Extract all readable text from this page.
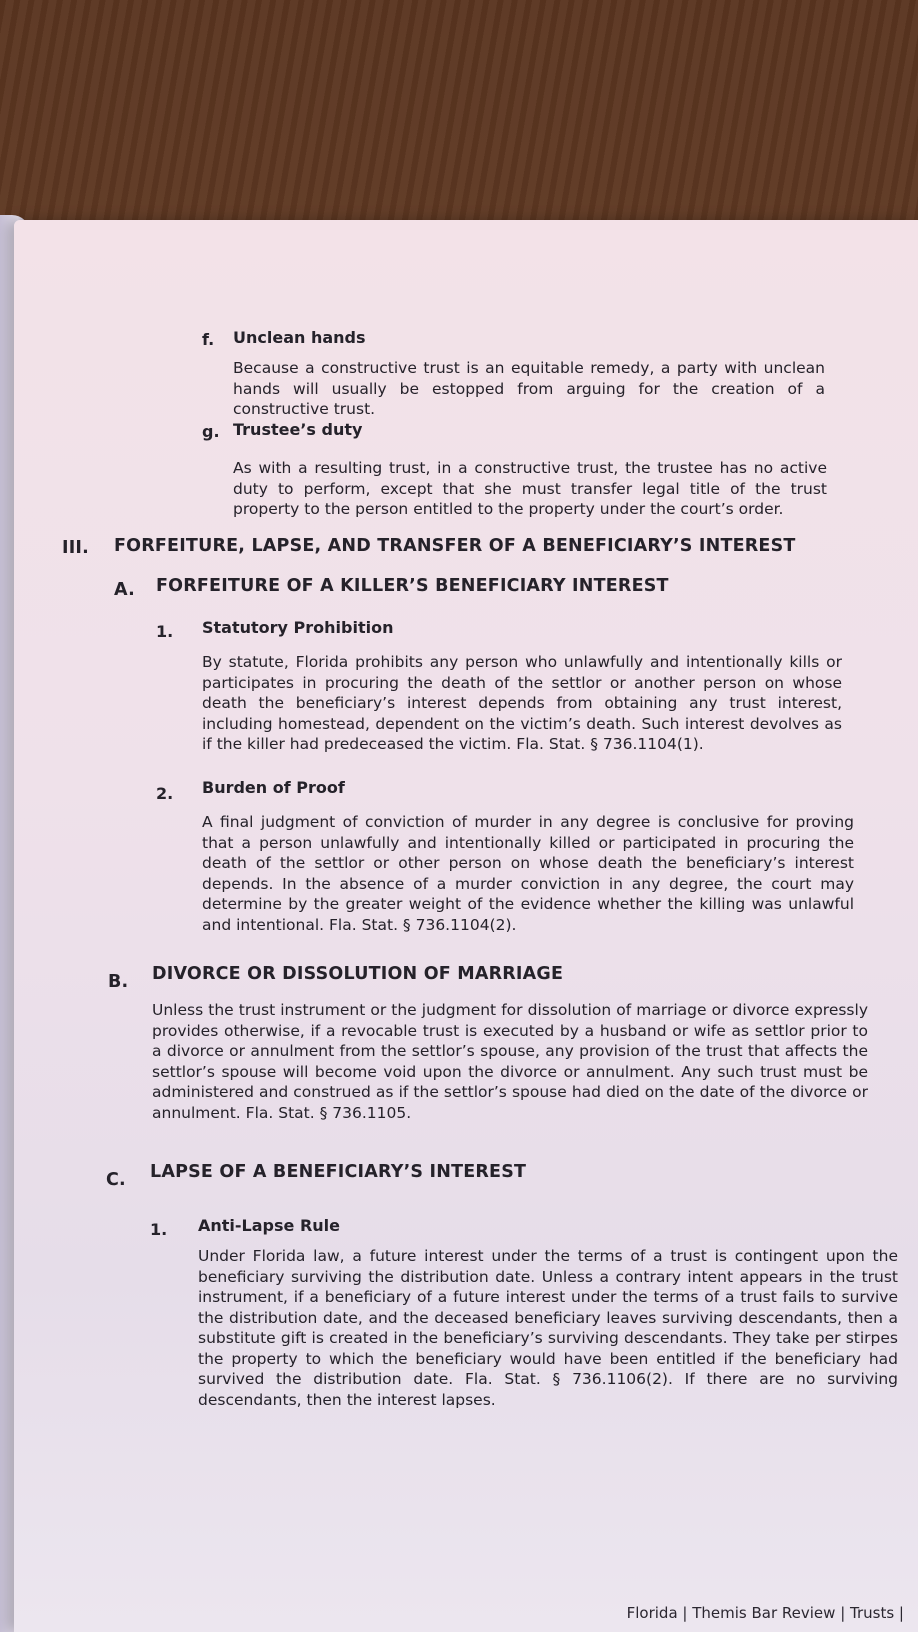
f. Unclean hands

Because a constructive trust is an equitable remedy, a party with unclean hands will usually be estopped from arguing for the creation of a constructive trust.

g. Trustee’s duty

As with a resulting trust, in a constructive trust, the trustee has no active duty to perform, except that she must transfer legal title of the trust property to the person entitled to the property under the court’s order.

III. FORFEITURE, LAPSE, AND TRANSFER OF A BENEFICIARY’S INTEREST
A. FORFEITURE OF A KILLER’S BENEFICIARY INTEREST
1. Statutory Prohibition

By statute, Florida prohibits any person who unlawfully and intentionally kills or participates in procuring the death of the settlor or another person on whose death the beneficiary’s interest depends from obtaining any trust interest, including homestead, dependent on the victim’s death. Such interest devolves as if the killer had predeceased the victim. Fla. Stat. § 736.1104(1).

2. Burden of Proof

A final judgment of conviction of murder in any degree is conclusive for proving that a person unlawfully and intentionally killed or participated in procuring the death of the settlor or other person on whose death the beneficiary’s interest depends. In the absence of a murder conviction in any degree, the court may determine by the greater weight of the evidence whether the killing was unlawful and intentional. Fla. Stat. § 736.1104(2).

B. DIVORCE OR DISSOLUTION OF MARRIAGE

Unless the trust instrument or the judgment for dissolution of marriage or divorce expressly provides otherwise, if a revocable trust is executed by a husband or wife as settlor prior to a divorce or annulment from the settlor’s spouse, any provision of the trust that affects the settlor’s spouse will become void upon the divorce or annulment. Any such trust must be administered and construed as if the settlor’s spouse had died on the date of the divorce or annulment. Fla. Stat. § 736.1105.

C. LAPSE OF A BENEFICIARY’S INTEREST
1. Anti-Lapse Rule

Under Florida law, a future interest under the terms of a trust is contingent upon the beneficiary surviving the distribution date. Unless a contrary intent appears in the trust instrument, if a beneficiary of a future interest under the terms of a trust fails to survive the distribution date, and the deceased beneficiary leaves surviving descendants, then a substitute gift is created in the beneficiary’s surviving descendants. They take per stirpes the property to which the beneficiary would have been entitled if the beneficiary had survived the distribution date. Fla. Stat. § 736.1106(2). If there are no surviving descendants, then the interest lapses.

Florida | Themis Bar Review | Trusts |
